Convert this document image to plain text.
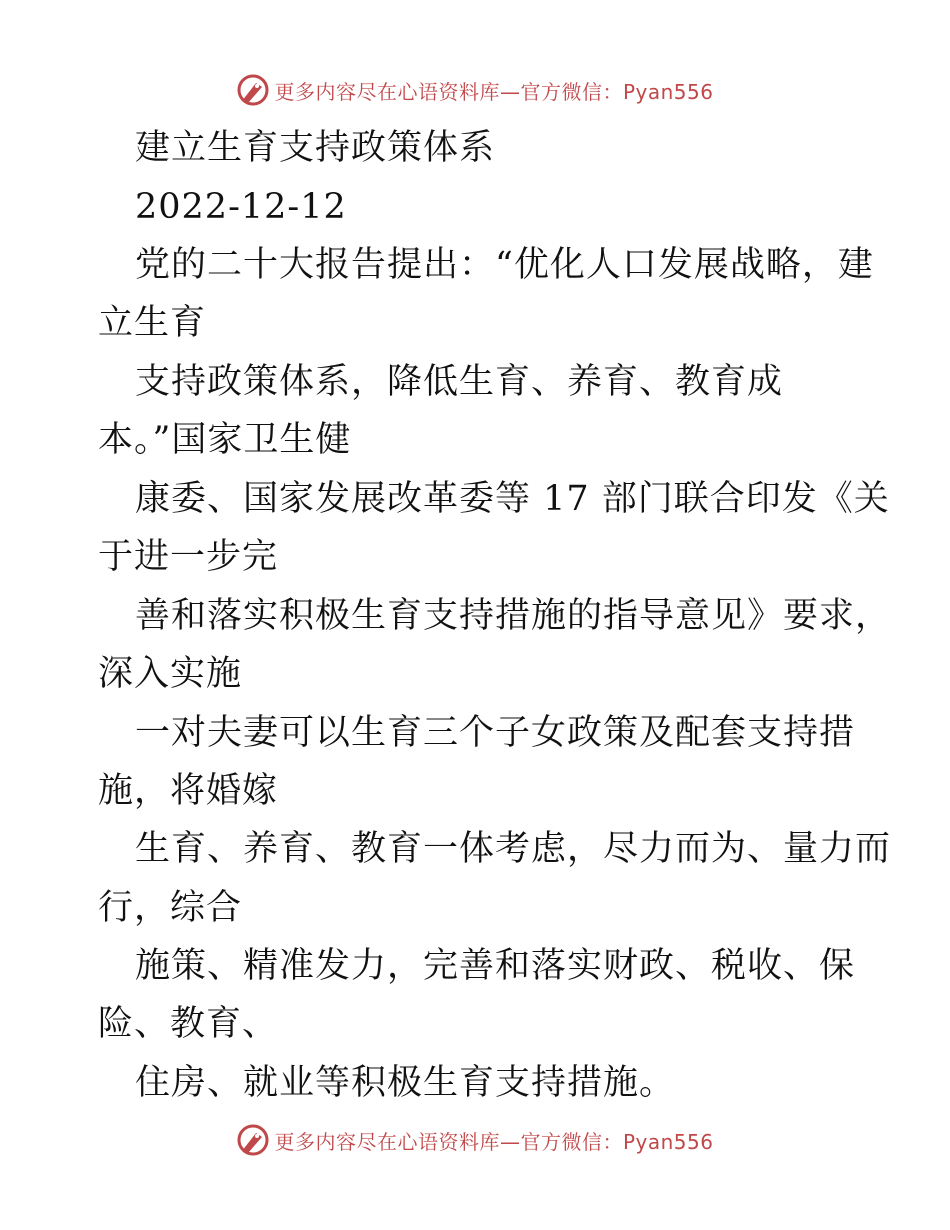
更多内容尽在心语资料库—官方微信：Pyan556
建立生育支持政策体系
2022-12-12
党的二十大报告提出：“优化人口发展战略，建
立生育
支持政策体系，降低生育、养育、教育成
本。”国家卫生健
康委、国家发展改革委等 17 部门联合印发《关
于进一步完
善和落实积极生育支持措施的指导意见》要求，
深入实施
一对夫妻可以生育三个子女政策及配套支持措
施，将婚嫁
生育、养育、教育一体考虑，尽力而为、量力而
行，综合
施策、精准发力，完善和落实财政、税收、保
险、教育、
住房、就业等积极生育支持措施。
更多内容尽在心语资料库—官方微信：Pyan556
